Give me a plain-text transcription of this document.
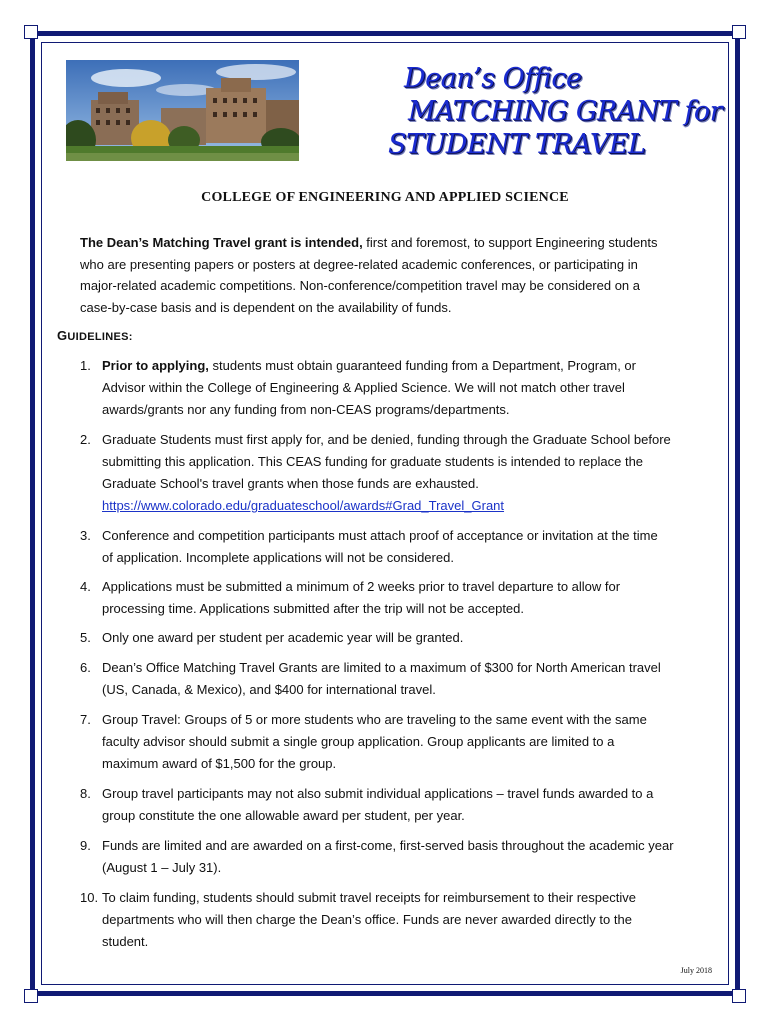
Dean’s Office
MATCHING GRANT for
STUDENT TRAVEL
COLLEGE OF ENGINEERING AND APPLIED SCIENCE
The Dean’s Matching Travel grant is intended, first and foremost, to support Engineering students
who are presenting papers or posters at degree-related academic conferences, or participating in
major-related academic competitions. Non-conference/competition travel may be considered on a
case-by-case basis and is dependent on the availability of funds.
GUIDELINES:
1. Prior to applying, students must obtain guaranteed funding from a Department, Program, or
Advisor within the College of Engineering & Applied Science. We will not match other travel
awards/grants nor any funding from non-CEAS programs/departments.
2. Graduate Students must first apply for, and be denied, funding through the Graduate School before
submitting this application. This CEAS funding for graduate students is intended to replace the
Graduate School's travel grants when those funds are exhausted.
https://www.colorado.edu/graduateschool/awards#Grad_Travel_Grant
3. Conference and competition participants must attach proof of acceptance or invitation at the time
of application. Incomplete applications will not be considered.
4. Applications must be submitted a minimum of 2 weeks prior to travel departure to allow for
processing time. Applications submitted after the trip will not be accepted.
5. Only one award per student per academic year will be granted.
6. Dean’s Office Matching Travel Grants are limited to a maximum of $300 for North American travel
(US, Canada, & Mexico), and $400 for international travel.
7. Group Travel: Groups of 5 or more students who are traveling to the same event with the same
faculty advisor should submit a single group application. Group applicants are limited to a
maximum award of $1,500 for the group.
8. Group travel participants may not also submit individual applications – travel funds awarded to a
group constitute the one allowable award per student, per year.
9. Funds are limited and are awarded on a first-come, first-served basis throughout the academic year
(August 1 – July 31).
10. To claim funding, students should submit travel receipts for reimbursement to their respective
departments who will then charge the Dean’s office. Funds are never awarded directly to the
student.
July 2018
